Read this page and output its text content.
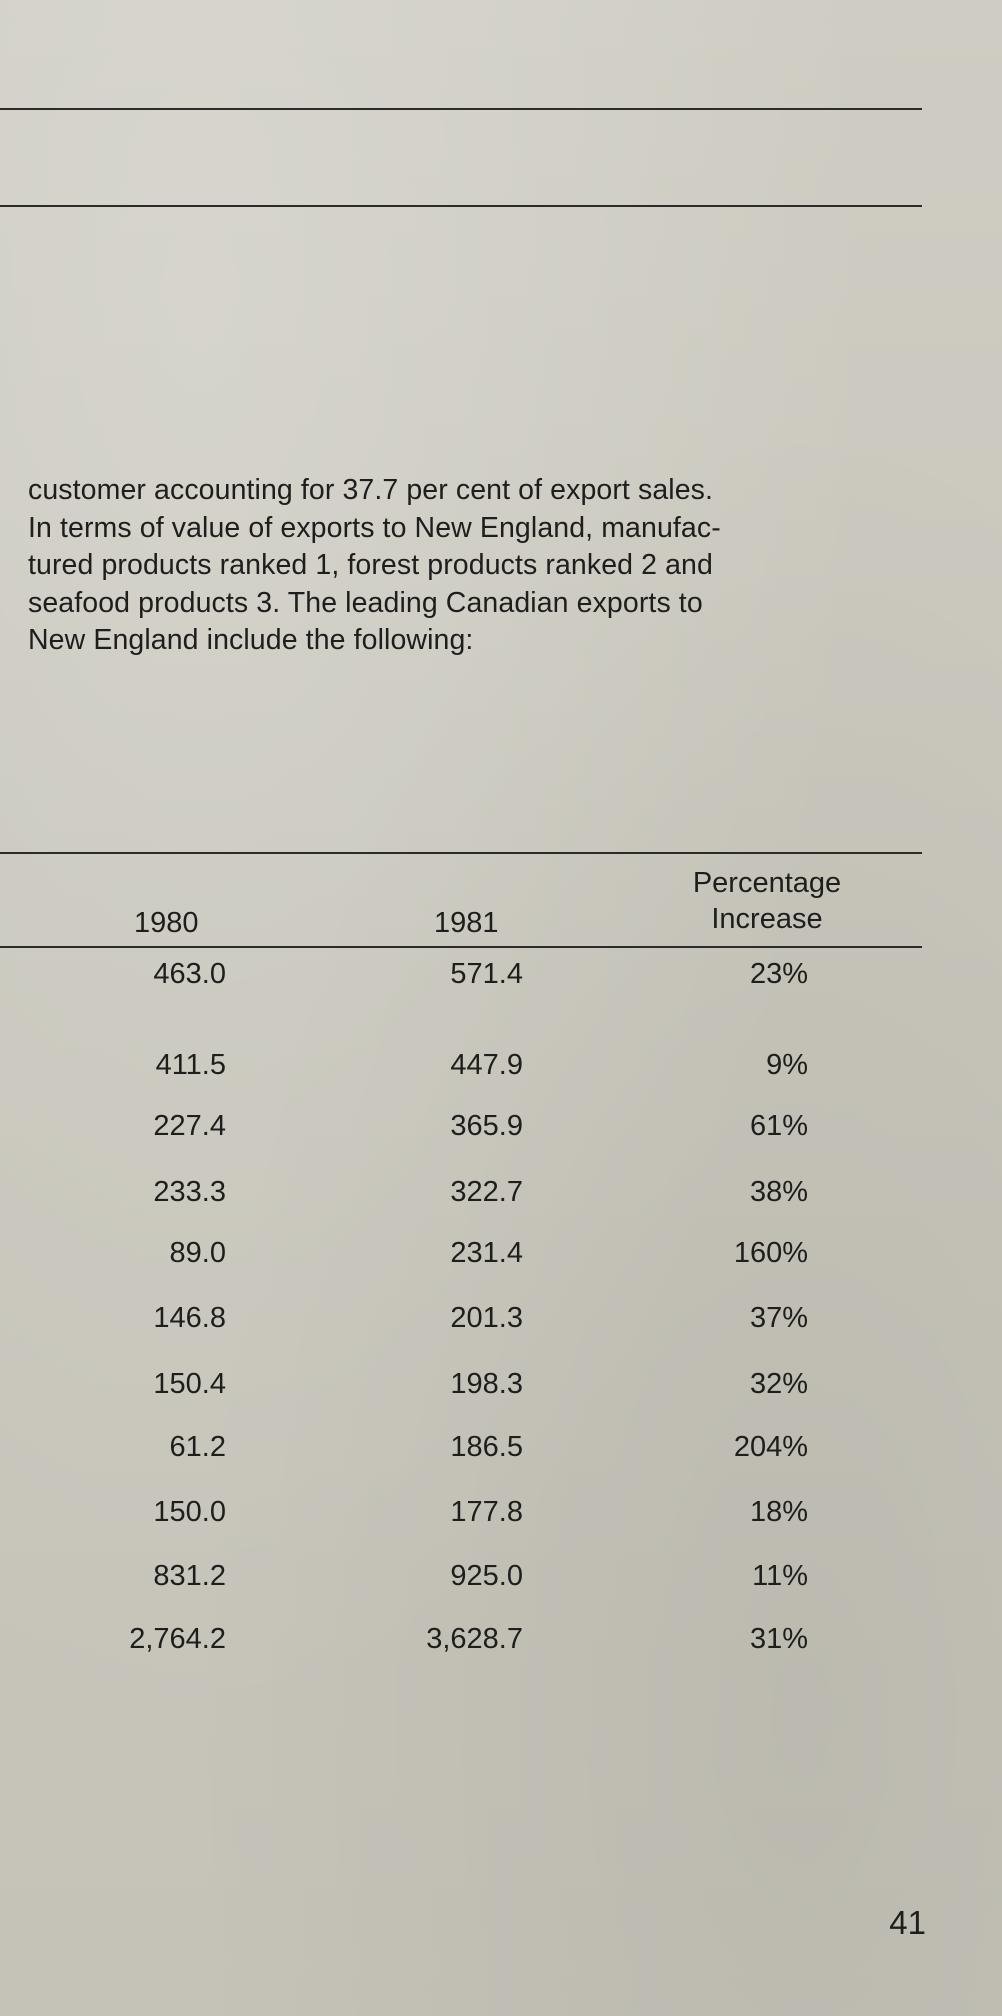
customer accounting for 37.7 per cent of export sales.
In terms of value of exports to New England, manufac-
tured products ranked 1, forest products ranked 2 and
seafood products 3. The leading Canadian exports to
New England include the following:
1980	1981
Percentage
Increase
463.0	571.4	23%
411.5	447.9	9%
227.4	365.9	61%
233.3	322.7	38%
89.0	231.4	160%
146.8	201.3	37%
150.4	198.3	32%
61.2	186.5	204%
150.0	177.8	18%
831.2	925.0	11%
2,764.2	3,628.7	31%
41
